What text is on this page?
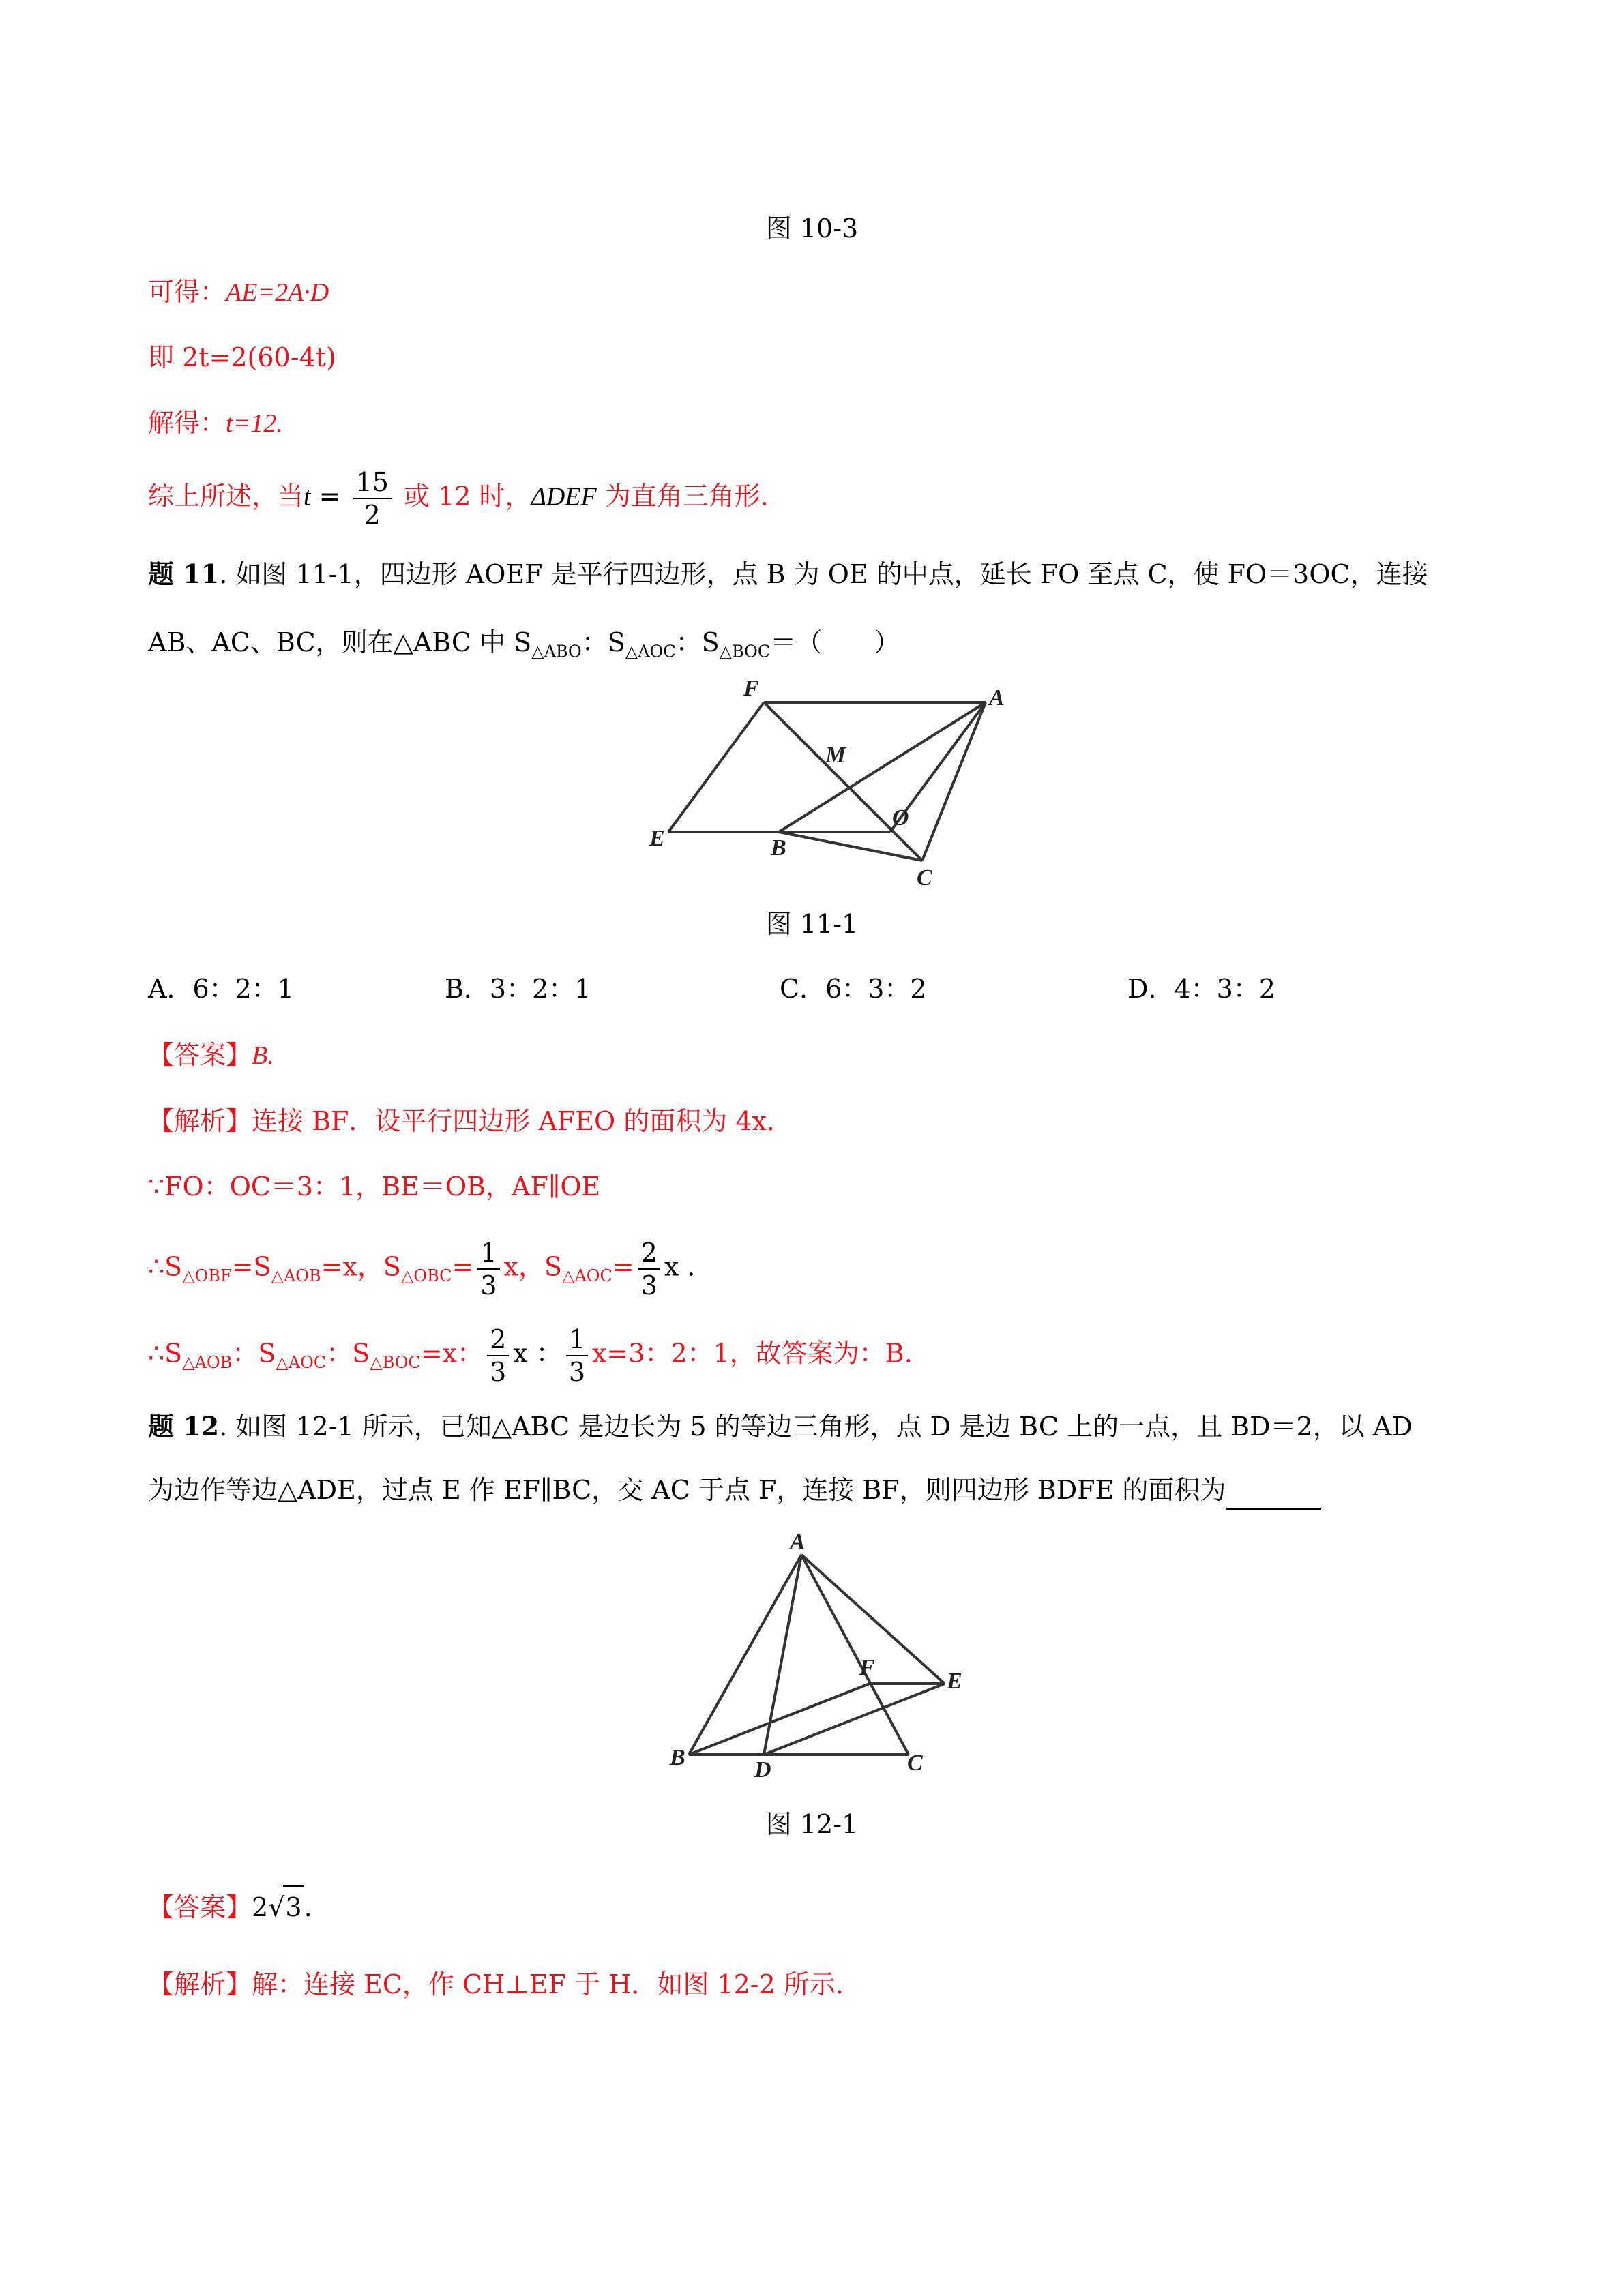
图 10-3
可得：AE=2A·D
即 2t=2(60-4t)
解得：t=12.
综上所述，当$t = \frac{15}{2}$ 或 12 时，ΔDEF 为直角三角形.
题 11. 如图 11-1，四边形 AOEF 是平行四边形，点 B 为 OE 的中点，延长 FO 至点 C，使 FO＝3OC，连接
AB、AC、BC，则在△ABC 中 $S_{\triangle ABO}$：$S_{\triangle AOC}$：$S_{\triangle BOC}=$（　　）
F
M
O
E	B
C
A
图 11-1
A．6：2：1	B．3：2：1	C．6：3：2	D．4：3：2
【答案】B.
【解析】连接 BF．设平行四边形 AFEO 的面积为 4x．
∵FO：OC＝3：1，BE＝OB，AF∥OE
$\therefore S_{\triangle OBF}=S_{\triangle AOB}=x$，$S_{\triangle OBC}= \frac{1}{3}$ x，$S_{\triangle AOC}= \frac{2}{3}$ x .
$\therefore S_{\triangle AOB}$：$S_{\triangle AOC}$：$S_{\triangle BOC}=x$： $\frac{2}{3}$ x ： $\frac{1}{3} x=3$：2：1，故答案为：B.
题 12. 如图 12-1 所示，已知△ABC 是边长为 5 的等边三角形，点 D 是边 BC 上的一点，且 BD＝2，以 AD
为边作等边△ADE，过点 E 作 EF∥BC，交 AC 于点 F，连接 BF，则四边形 BDFE 的面积为
A
F
E
B	D	C
图 12-1
【答案】2√3.
【解析】解：连接 EC，作 CH⊥EF 于 H．如图 12-2 所示.
